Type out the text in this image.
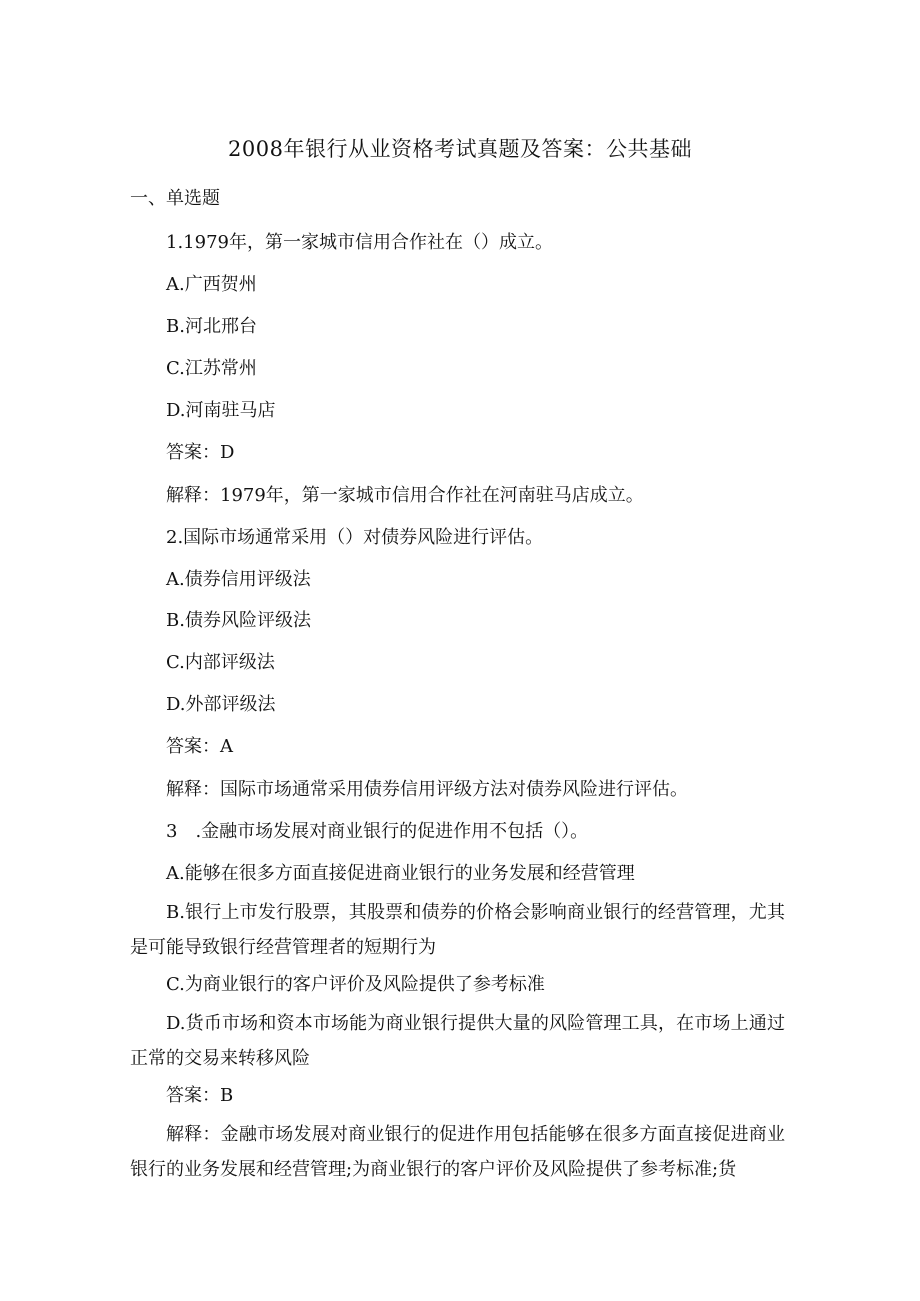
2008年银行从业资格考试真题及答案：公共基础
一、单选题
1.1979年，第一家城市信用合作社在（）成立。
A.广西贺州
B.河北邢台
C.江苏常州
D.河南驻马店
答案：D
解释：1979年，第一家城市信用合作社在河南驻马店成立。
2.国际市场通常采用（）对债券风险进行评估。
A.债券信用评级法
B.债券风险评级法
C.内部评级法
D.外部评级法
答案：A
解释：国际市场通常采用债券信用评级方法对债券风险进行评估。
3　.金融市场发展对商业银行的促进作用不包括（）。
A.能够在很多方面直接促进商业银行的业务发展和经营管理
B.银行上市发行股票，其股票和债券的价格会影响商业银行的经营管理，尤其是可能导致银行经营管理者的短期行为
C.为商业银行的客户评价及风险提供了参考标准
D.货币市场和资本市场能为商业银行提供大量的风险管理工具，在市场上通过正常的交易来转移风险
答案：B
解释：金融市场发展对商业银行的促进作用包括能够在很多方面直接促进商业银行的业务发展和经营管理;为商业银行的客户评价及风险提供了参考标准;货
